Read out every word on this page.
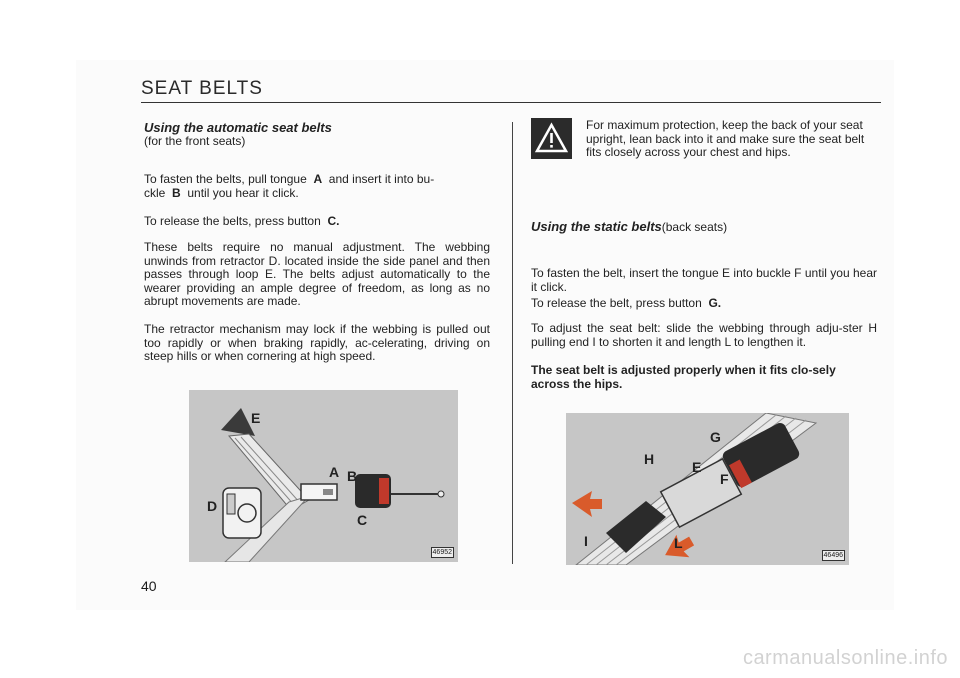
SEAT BELTS
Using the automatic seat belts
(for the front seats)
To fasten the belts, pull tongue A and insert it into bu-
ckle B until you hear it click.
To release the belts, press button C.
These belts require no manual adjustment. The webbing unwinds from retractor D. located inside the side panel and then passes through loop E. The belts adjust automatically to the wearer providing an ample degree of freedom, as long as no abrupt movements are made.
The retractor mechanism may lock if the webbing is pulled out too rapidly or when braking rapidly, ac-celerating, driving on steep hills or when cornering at high speed.
E
A B
D
C
46952
40
For maximum protection, keep the back of your seat upright, lean back into it and make sure the seat belt fits closely across your chest and hips.
Using the static belts(back seats)
To fasten the belt, insert the tongue E into buckle F until you hear it click.
To release the belt, press button G.
To adjust the seat belt: slide the webbing through adju-ster H pulling end I to shorten it and length L to lengthen it.
The seat belt is adjusted properly when it fits clo-sely across the hips.
G
H	E
F
I	L
46496
carmanualsonline.info
